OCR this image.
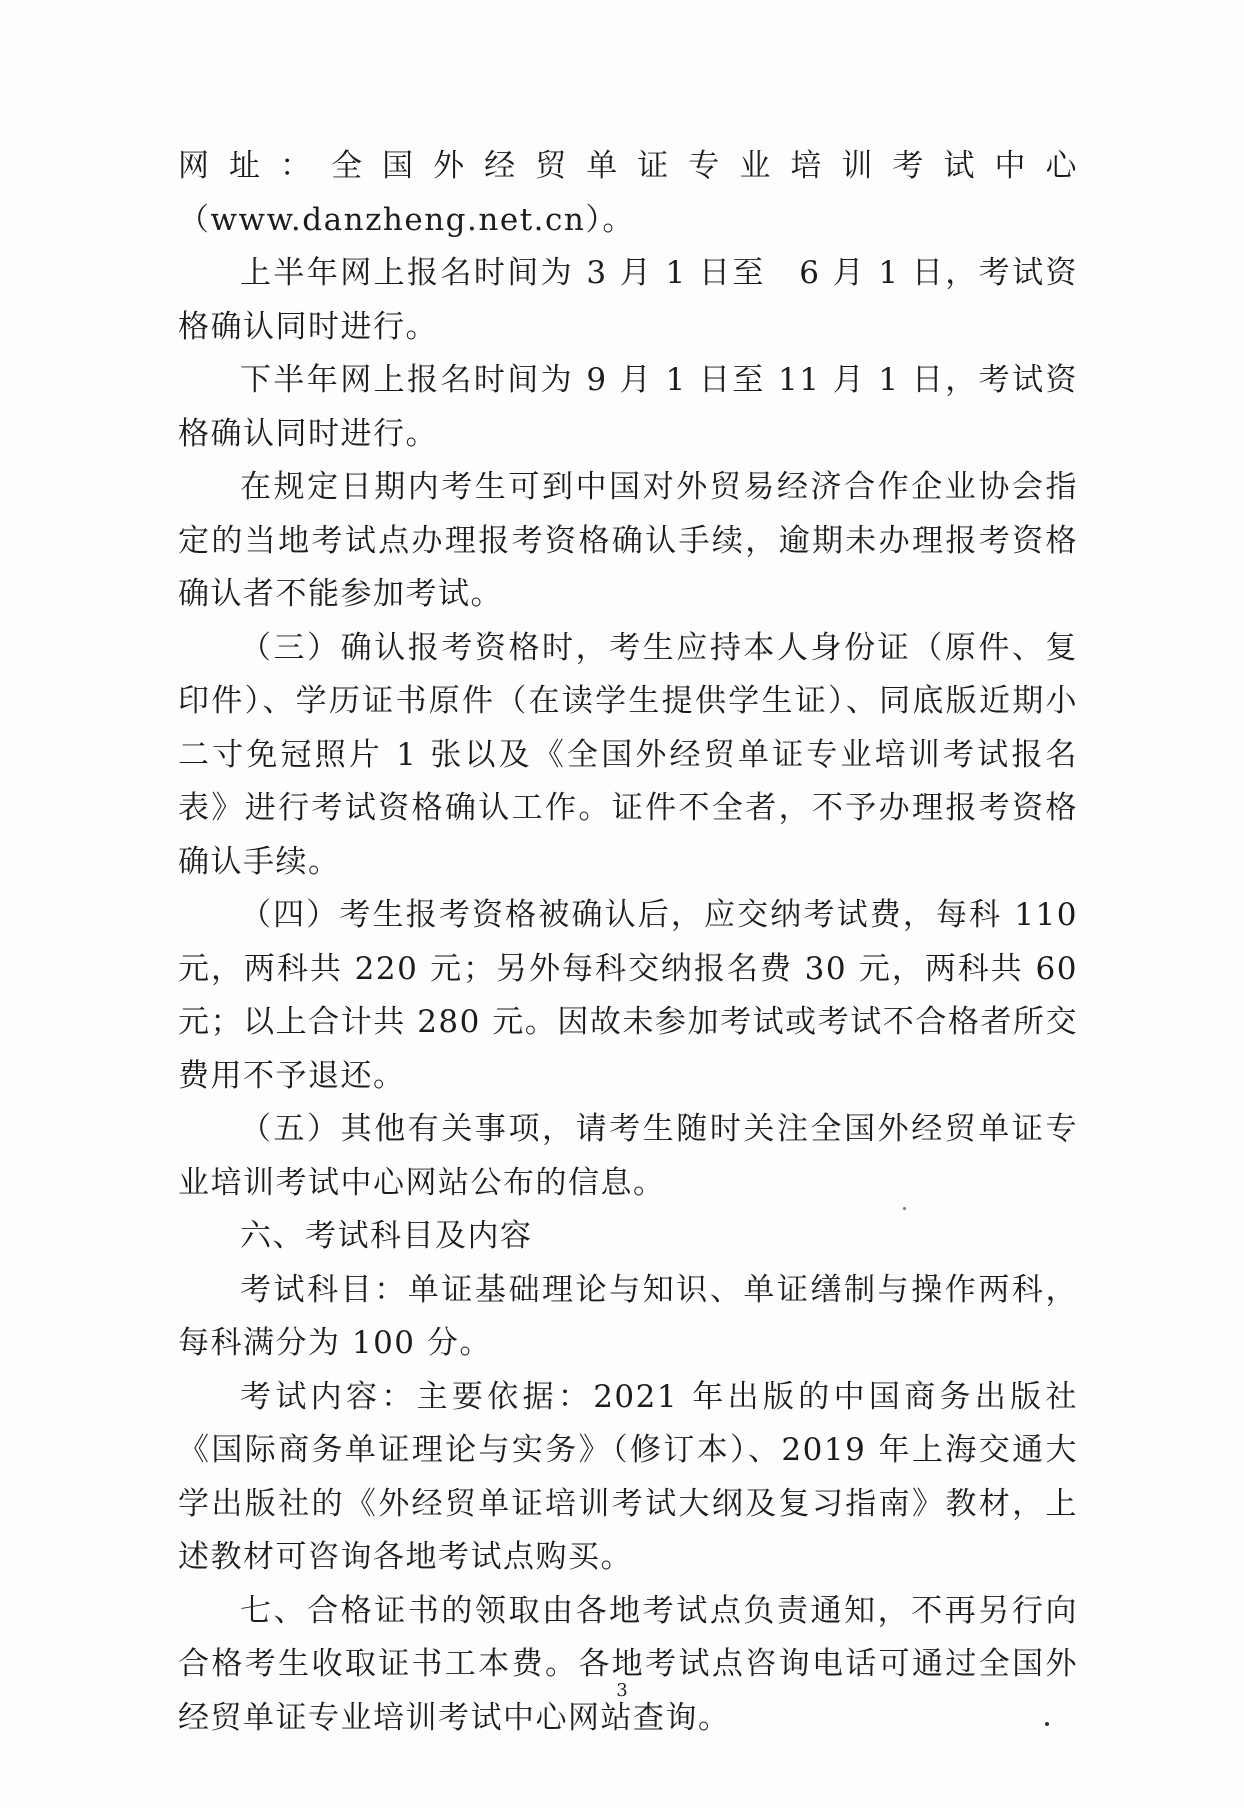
网址：全国外经贸单证专业培训考试中心（www.danzheng.net.cn）。

上半年网上报名时间为 3 月 1 日至　6 月 1 日，考试资格确认同时进行。

下半年网上报名时间为 9 月 1 日至 11 月 1 日，考试资格确认同时进行。

在规定日期内考生可到中国对外贸易经济合作企业协会指定的当地考试点办理报考资格确认手续，逾期未办理报考资格确认者不能参加考试。

（三）确认报考资格时，考生应持本人身份证（原件、复印件）、学历证书原件（在读学生提供学生证）、同底版近期小二寸免冠照片 1 张以及《全国外经贸单证专业培训考试报名表》进行考试资格确认工作。证件不全者，不予办理报考资格确认手续。

（四）考生报考资格被确认后，应交纳考试费，每科 110 元，两科共 220 元；另外每科交纳报名费 30 元，两科共 60 元；以上合计共 280 元。因故未参加考试或考试不合格者所交费用不予退还。

（五）其他有关事项，请考生随时关注全国外经贸单证专业培训考试中心网站公布的信息。

六、考试科目及内容

考试科目：单证基础理论与知识、单证缮制与操作两科，每科满分为 100 分。

考试内容：主要依据：2021 年出版的中国商务出版社《国际商务单证理论与实务》（修订本）、2019 年上海交通大学出版社的《外经贸单证培训考试大纲及复习指南》教材，上述教材可咨询各地考试点购买。

七、合格证书的领取由各地考试点负责通知，不再另行向合格考生收取证书工本费。各地考试点咨询电话可通过全国外经贸单证专业培训考试中心网站查询。

3
